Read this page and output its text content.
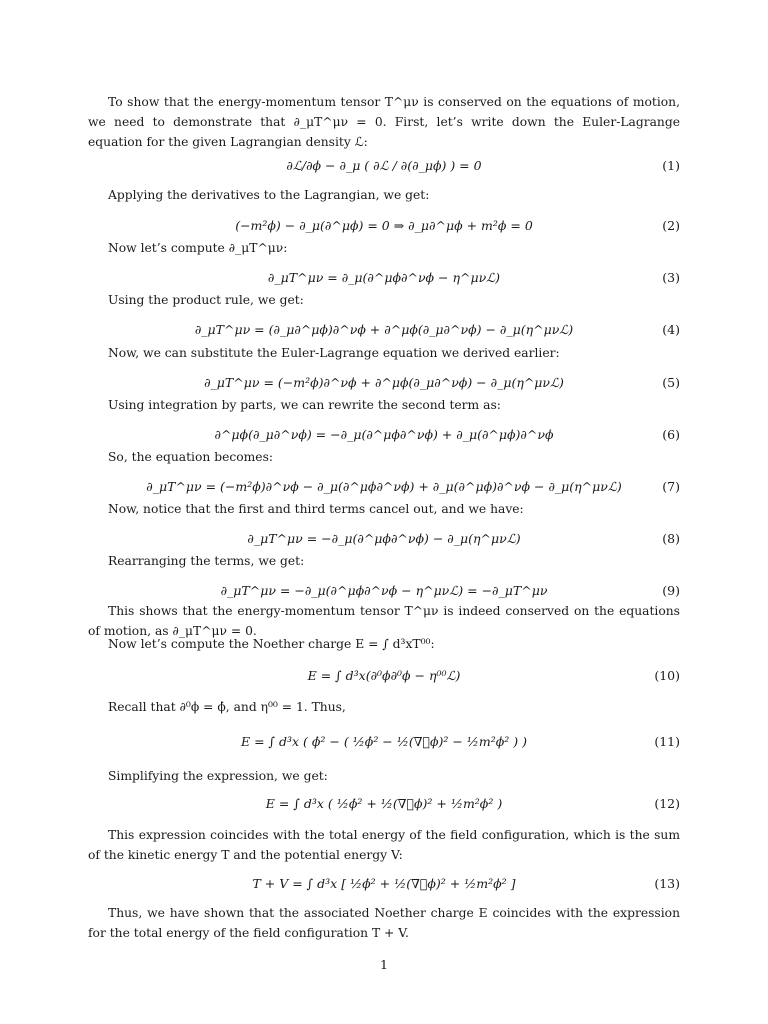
To show that the energy-momentum tensor T^μν is conserved on the equations of motion, we need to demonstrate that ∂_μT^μν = 0. First, let’s write down the Euler-Lagrange equation for the given Lagrangian density ℒ:

∂ℒ/∂ϕ − ∂_μ ( ∂ℒ / ∂(∂_μϕ) ) = 0	(1)

Applying the derivatives to the Lagrangian, we get:

(−m²ϕ) − ∂_μ(∂^μϕ) = 0 ⇒ ∂_μ∂^μϕ + m²ϕ = 0	(2)

Now let’s compute ∂_μT^μν:

∂_μT^μν = ∂_μ(∂^μϕ∂^νϕ − η^μνℒ)	(3)

Using the product rule, we get:

∂_μT^μν = (∂_μ∂^μϕ)∂^νϕ + ∂^μϕ(∂_μ∂^νϕ) − ∂_μ(η^μνℒ)	(4)

Now, we can substitute the Euler-Lagrange equation we derived earlier:

∂_μT^μν = (−m²ϕ)∂^νϕ + ∂^μϕ(∂_μ∂^νϕ) − ∂_μ(η^μνℒ)	(5)

Using integration by parts, we can rewrite the second term as:

∂^μϕ(∂_μ∂^νϕ) = −∂_μ(∂^μϕ∂^νϕ) + ∂_μ(∂^μϕ)∂^νϕ	(6)

So, the equation becomes:

∂_μT^μν = (−m²ϕ)∂^νϕ − ∂_μ(∂^μϕ∂^νϕ) + ∂_μ(∂^μϕ)∂^νϕ − ∂_μ(η^μνℒ)	(7)

Now, notice that the first and third terms cancel out, and we have:

∂_μT^μν = −∂_μ(∂^μϕ∂^νϕ) − ∂_μ(η^μνℒ)	(8)

Rearranging the terms, we get:

∂_μT^μν = −∂_μ(∂^μϕ∂^νϕ − η^μνℒ) = −∂_μT^μν	(9)

This shows that the energy-momentum tensor T^μν is indeed conserved on the equations of motion, as ∂_μT^μν = 0.

Now let’s compute the Noether charge E = ∫ d³xT⁰⁰:

E = ∫ d³x(∂⁰ϕ∂⁰ϕ − η⁰⁰ℒ)	(10)

Recall that ∂⁰ϕ = ϕ̇, and η⁰⁰ = 1. Thus,

E = ∫ d³x ( ϕ̇² − ( ½ϕ̇² − ½(∇⃗ϕ)² − ½m²ϕ² ) )	(11)

Simplifying the expression, we get:

E = ∫ d³x ( ½ϕ̇² + ½(∇⃗ϕ)² + ½m²ϕ² )	(12)

This expression coincides with the total energy of the field configuration, which is the sum of the kinetic energy T and the potential energy V:

T + V = ∫ d³x [ ½ϕ̇² + ½(∇⃗ϕ)² + ½m²ϕ² ]	(13)

Thus, we have shown that the associated Noether charge E coincides with the expression for the total energy of the field configuration T + V.

1
